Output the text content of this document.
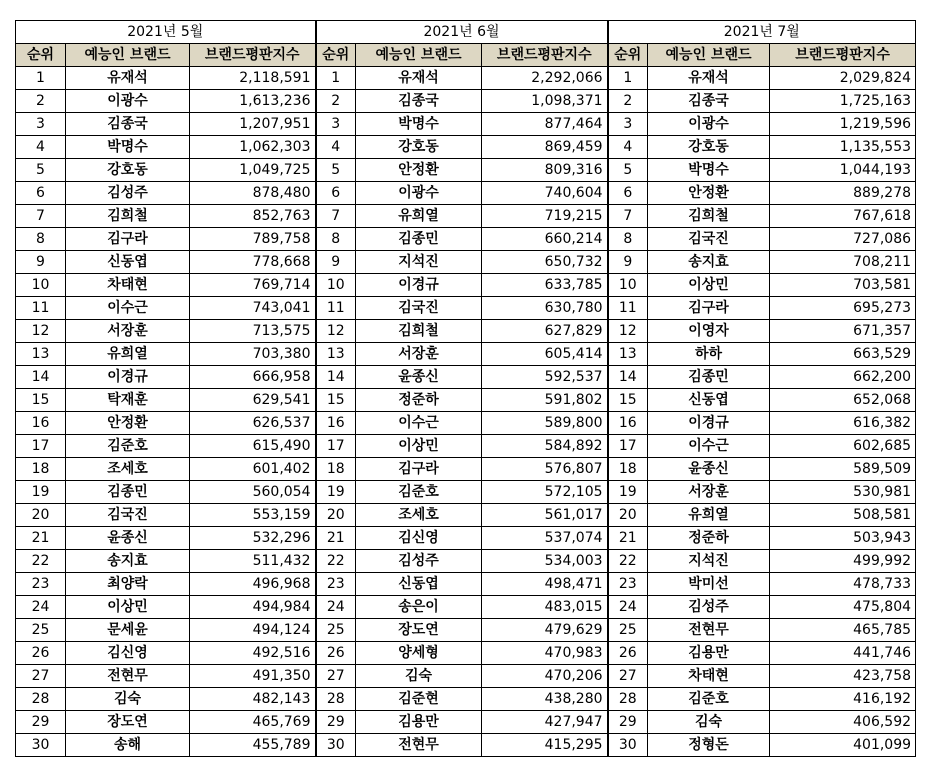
2021년 5월			2021년 6월			2021년 7월		
순위	예능인 브랜드	브랜드평판지수	순위	예능인 브랜드	브랜드평판지수	순위	예능인 브랜드	브랜드평판지수
1	유재석	2,118,591	1	유재석	2,292,066	1	유재석	2,029,824
2	이광수	1,613,236	2	김종국	1,098,371	2	김종국	1,725,163
3	김종국	1,207,951	3	박명수	877,464	3	이광수	1,219,596
4	박명수	1,062,303	4	강호동	869,459	4	강호동	1,135,553
5	강호동	1,049,725	5	안정환	809,316	5	박명수	1,044,193
6	김성주	878,480	6	이광수	740,604	6	안정환	889,278
7	김희철	852,763	7	유희열	719,215	7	김희철	767,618
8	김구라	789,758	8	김종민	660,214	8	김국진	727,086
9	신동엽	778,668	9	지석진	650,732	9	송지효	708,211
10	차태현	769,714	10	이경규	633,785	10	이상민	703,581
11	이수근	743,041	11	김국진	630,780	11	김구라	695,273
12	서장훈	713,575	12	김희철	627,829	12	이영자	671,357
13	유희열	703,380	13	서장훈	605,414	13	하하	663,529
14	이경규	666,958	14	윤종신	592,537	14	김종민	662,200
15	탁재훈	629,541	15	정준하	591,802	15	신동엽	652,068
16	안정환	626,537	16	이수근	589,800	16	이경규	616,382
17	김준호	615,490	17	이상민	584,892	17	이수근	602,685
18	조세호	601,402	18	김구라	576,807	18	윤종신	589,509
19	김종민	560,054	19	김준호	572,105	19	서장훈	530,981
20	김국진	553,159	20	조세호	561,017	20	유희열	508,581
21	윤종신	532,296	21	김신영	537,074	21	정준하	503,943
22	송지효	511,432	22	김성주	534,003	22	지석진	499,992
23	최양락	496,968	23	신동엽	498,471	23	박미선	478,733
24	이상민	494,984	24	송은이	483,015	24	김성주	475,804
25	문세윤	494,124	25	장도연	479,629	25	전현무	465,785
26	김신영	492,516	26	양세형	470,983	26	김용만	441,746
27	전현무	491,350	27	김숙	470,206	27	차태현	423,758
28	김숙	482,143	28	김준현	438,280	28	김준호	416,192
29	장도연	465,769	29	김용만	427,947	29	김숙	406,592
30	송해	455,789	30	전현무	415,295	30	정형돈	401,099
